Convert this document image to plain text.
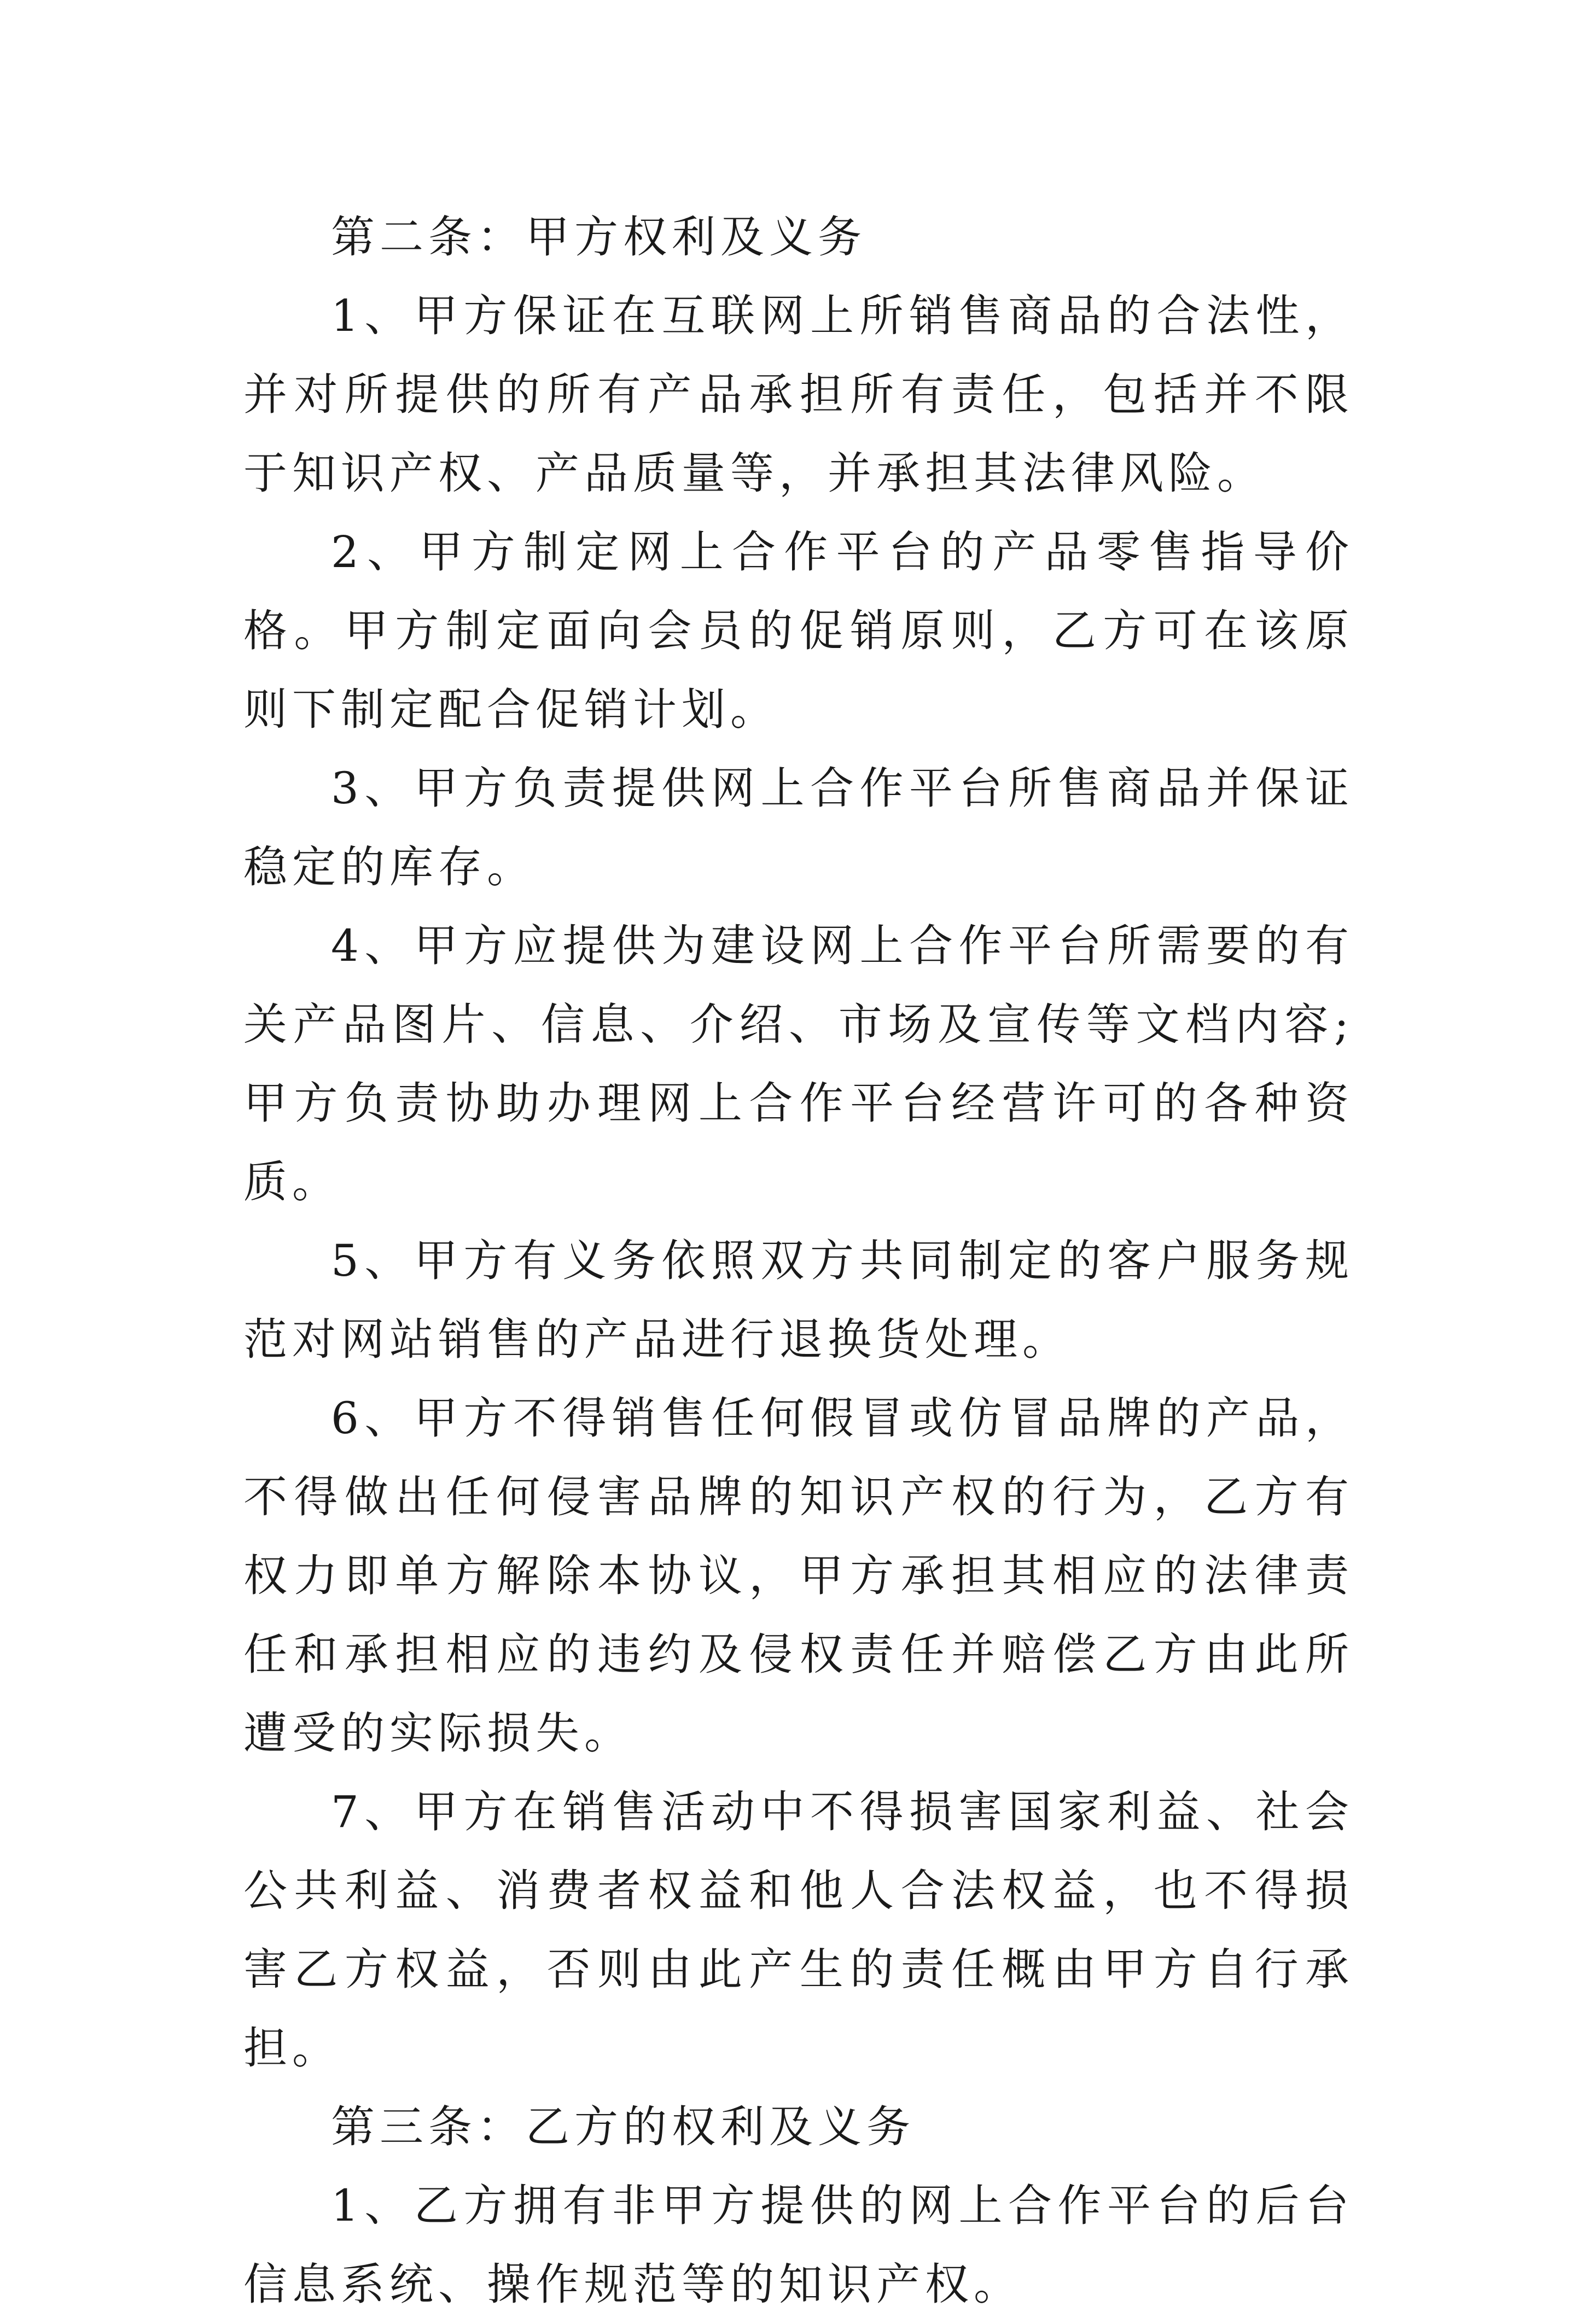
第二条：甲方权利及义务

1、甲方保证在互联网上所销售商品的合法性，并对所提供的所有产品承担所有责任，包括并不限于知识产权、产品质量等，并承担其法律风险。

2、甲方制定网上合作平台的产品零售指导价格。甲方制定面向会员的促销原则，乙方可在该原则下制定配合促销计划。

3、甲方负责提供网上合作平台所售商品并保证稳定的库存。

4、甲方应提供为建设网上合作平台所需要的有关产品图片、信息、介绍、市场及宣传等文档内容;甲方负责协助办理网上合作平台经营许可的各种资质。

5、甲方有义务依照双方共同制定的客户服务规范对网站销售的产品进行退换货处理。

6、甲方不得销售任何假冒或仿冒品牌的产品，不得做出任何侵害品牌的知识产权的行为，乙方有权力即单方解除本协议，甲方承担其相应的法律责任和承担相应的违约及侵权责任并赔偿乙方由此所遭受的实际损失。

7、甲方在销售活动中不得损害国家利益、社会公共利益、消费者权益和他人合法权益，也不得损害乙方权益，否则由此产生的责任概由甲方自行承担。

第三条：乙方的权利及义务

1、乙方拥有非甲方提供的网上合作平台的后台信息系统、操作规范等的知识产权。
